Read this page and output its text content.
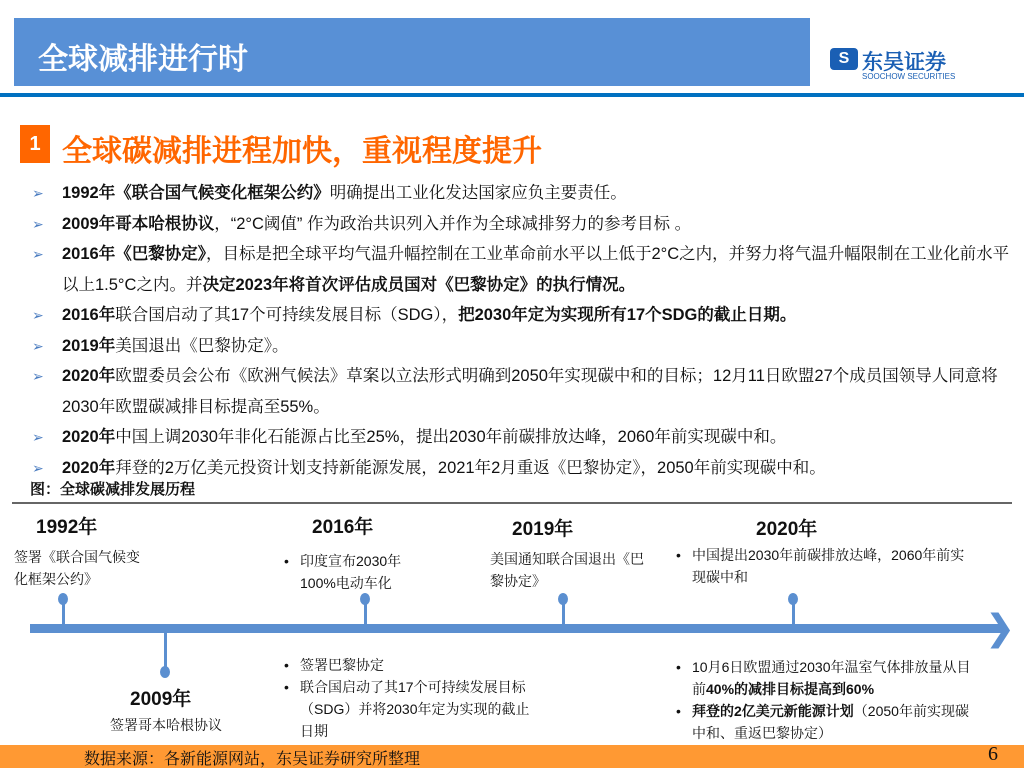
全球减排进行时	S 东吴证券
SOOCHOW SECURITIES
1 全球碳减排进程加快，重视程度提升
➢ 1992年《联合国气候变化框架公约》明确提出工业化发达国家应负主要责任。
➢ 2009年哥本哈根协议，“2°C阈值” 作为政治共识列入并作为全球减排努力的参考目标 。
➢ 2016年《巴黎协定》，目标是把全球平均气温升幅控制在工业革命前水平以上低于2°C之内，并努力将气温升幅限制在工业化前水平以上1.5°C之内。并决定2023年将首次评估成员国对《巴黎协定》的执行情况。
➢ 2016年联合国启动了其17个可持续发展目标（SDG），把2030年定为实现所有17个SDG的截止日期。
➢ 2019年美国退出《巴黎协定》。
➢ 2020年欧盟委员会公布《欧洲气候法》草案以立法形式明确到2050年实现碳中和的目标；12月11日欧盟27个成员国领导人同意将2030年欧盟碳减排目标提高至55%。
➢ 2020年中国上调2030年非化石能源占比至25%，提出2030年前碳排放达峰，2060年前实现碳中和。
➢ 2020年拜登的2万亿美元投资计划支持新能源发展，2021年2月重返《巴黎协定》，2050年前实现碳中和。
图：全球碳减排发展历程
❯
1992年
签署《联合国气候变化框架公约》
2009年
签署哥本哈根协议
2016年
• 印度宣布2030年100%电动车化
• 签署巴黎协定
• 联合国启动了其17个可持续发展目标（SDG）并将2030年定为实现的截止日期
2019年
美国通知联合国退出《巴黎协定》
2020年
• 中国提出2030年前碳排放达峰，2060年前实现碳中和
• 10月6日欧盟通过2030年温室气体排放量从目前40%的减排目标提高到60%
• 拜登的2亿美元新能源计划（2050年前实现碳中和、重返巴黎协定）
数据来源：各新能源网站，东吴证券研究所整理	6
